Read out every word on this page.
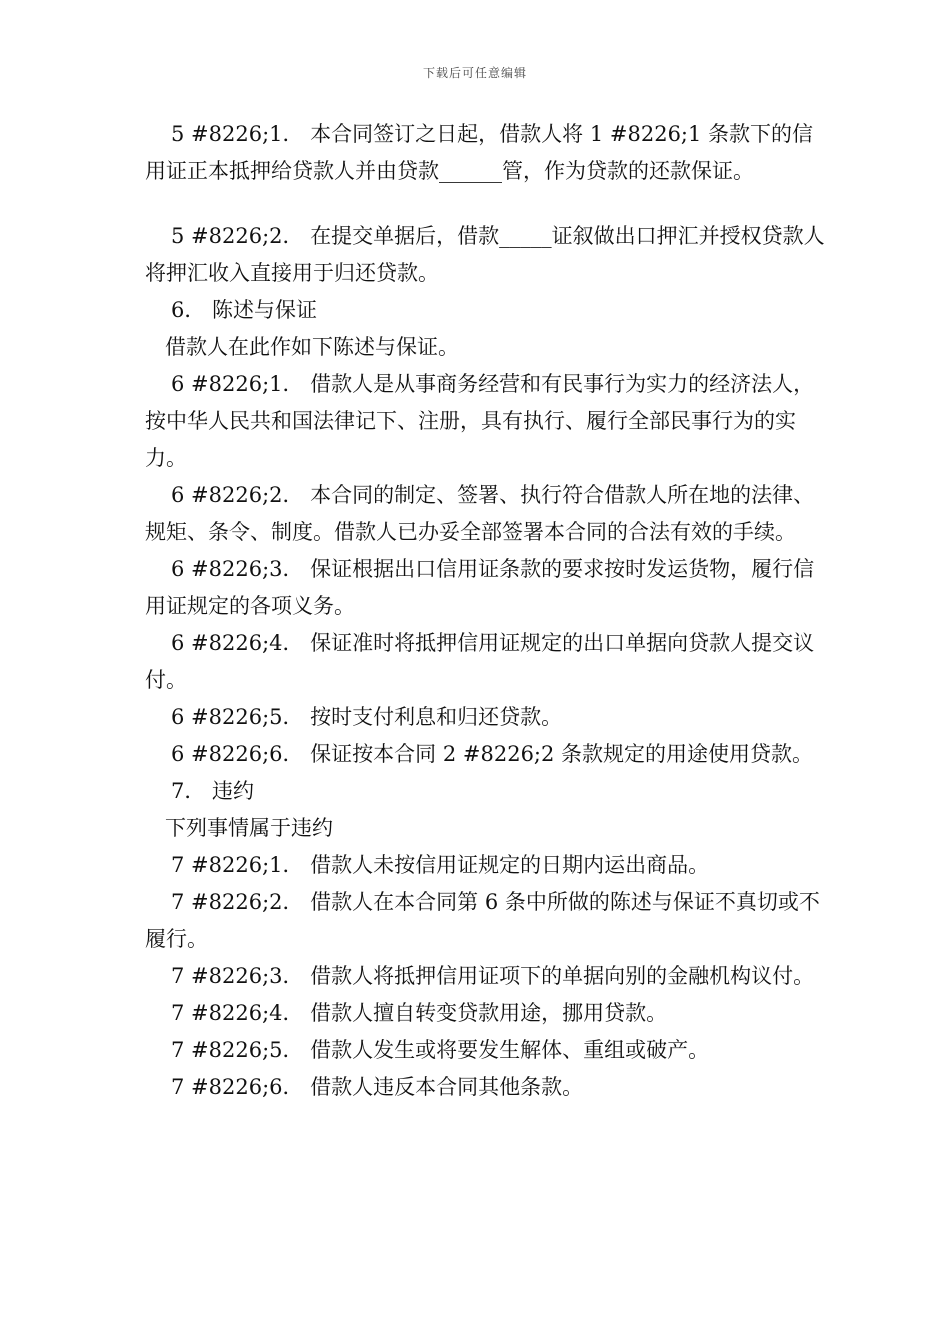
下载后可任意编辑

5 #8226;1． 本合同签订之日起，借款人将 1 #8226;1 条款下的信用证正本抵押给贷款人并由贷款______管，作为贷款的还款保证。

5 #8226;2． 在提交单据后，借款_____证叙做出口押汇并授权贷款人将押汇收入直接用于归还贷款。

6． 陈述与保证

借款人在此作如下陈述与保证。

6 #8226;1． 借款人是从事商务经营和有民事行为实力的经济法人，按中华人民共和国法律记下、注册，具有执行、履行全部民事行为的实力。

6 #8226;2． 本合同的制定、签署、执行符合借款人所在地的法律、规矩、条令、制度。借款人已办妥全部签署本合同的合法有效的手续。

6 #8226;3． 保证根据出口信用证条款的要求按时发运货物，履行信用证规定的各项义务。

6 #8226;4． 保证准时将抵押信用证规定的出口单据向贷款人提交议付。

6 #8226;5． 按时支付利息和归还贷款。

6 #8226;6． 保证按本合同 2 #8226;2 条款规定的用途使用贷款。

7． 违约

下列事情属于违约

7 #8226;1． 借款人未按信用证规定的日期内运出商品。

7 #8226;2． 借款人在本合同第 6 条中所做的陈述与保证不真切或不履行。

7 #8226;3． 借款人将抵押信用证项下的单据向别的金融机构议付。

7 #8226;4． 借款人擅自转变贷款用途，挪用贷款。

7 #8226;5． 借款人发生或将要发生解体、重组或破产。

7 #8226;6． 借款人违反本合同其他条款。
